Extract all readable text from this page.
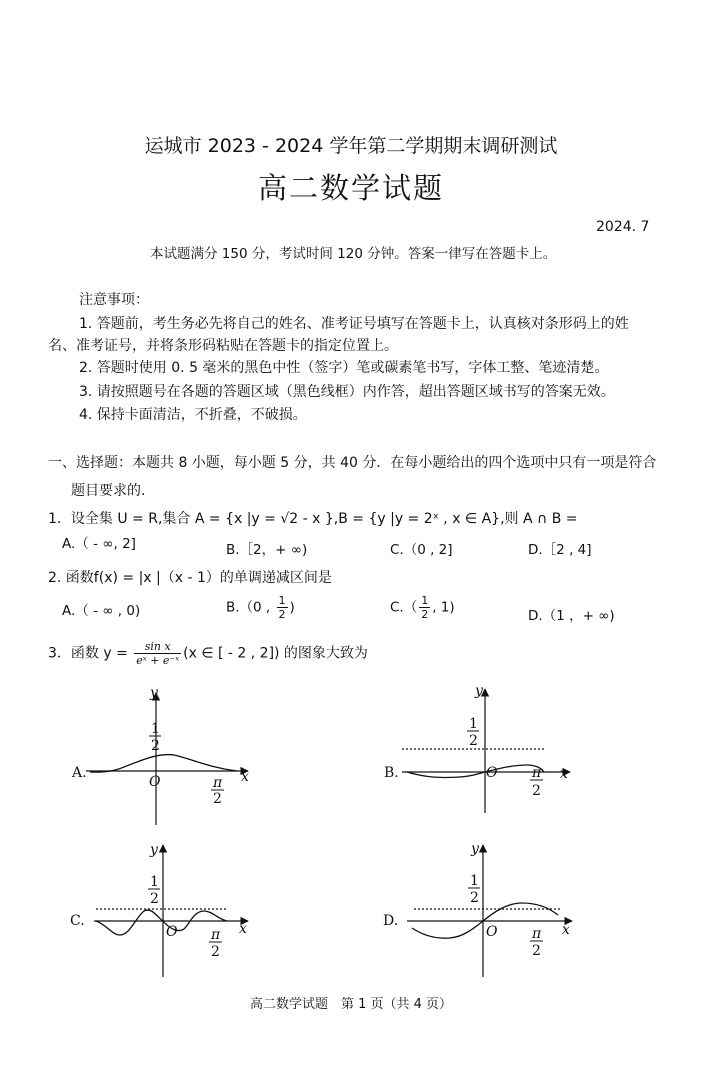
运城市 2023 - 2024 学年第二学期期末调研测试
高二数学试题
2024. 7
本试题满分 150 分，考试时间 120 分钟。答案一律写在答题卡上。
注意事项：
1. 答题前，考生务必先将自己的姓名、准考证号填写在答题卡上，认真核对条形码上的姓
名、准考证号，并将条形码粘贴在答题卡的指定位置上。
2. 答题时使用 0. 5 毫米的黑色中性（签字）笔或碳素笔书写，字体工整、笔迹清楚。
3. 请按照题号在各题的答题区域（黑色线框）内作答，超出答题区域书写的答案无效。
4. 保持卡面清洁，不折叠，不破损。
一、选择题：本题共 8 小题，每小题 5 分，共 40 分．在每小题给出的四个选项中只有一项是符合
题目要求的.
1．设全集 U = R,集合 A = {x |y = √2 - x },B = {y |y = 2ˣ , x ∈ A},则 A ∩ B =
A.（ - ∞, 2]	B.［2，+ ∞)	C.（0 , 2]	D.［2 , 4]
2. 函数f(x) = |x |（x - 1）的单调递减区间是
A.（ - ∞ , 0)	B.（0 , $\frac{1}{2}$ )	$C.( \frac{1}{2}$ , 1)
D.（1 ，+ ∞)
3．函数 $y = \frac{\text{sin x}}{\text{eˣ + e⁻ˣ}} (x$ ∈ [ - 2 , 2]) 的图象大致为
A.
y
O	x
1
2
π
2
B.
y
O	x
1
2
π
2
C.
y
O	x
1
2
π
2
D.
y
O	x
1
2
π
2
高二数学试题　第 1 页（共 4 页）
